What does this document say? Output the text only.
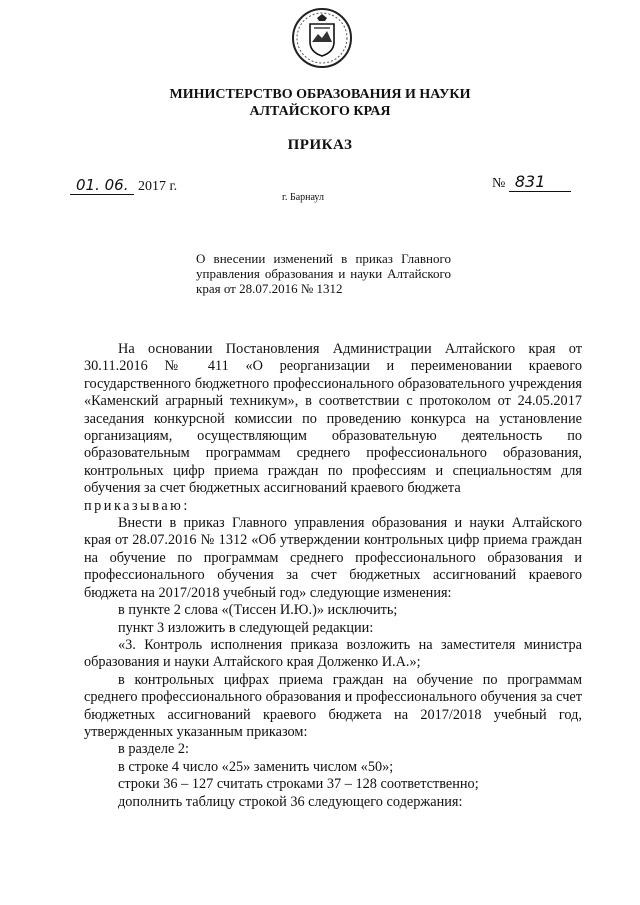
МИНИСТЕРСТВО ОБРАЗОВАНИЯ И НАУКИ
АЛТАЙСКОГО КРАЯ
ПРИКАЗ
01. 06. 2017 г.	№ 831
г. Барнаул
О внесении изменений в приказ Главного управления образования и науки Алтайского края от 28.07.2016 № 1312

На основании Постановления Администрации Алтайского края от 30.11.2016 № 411 «О реорганизации и переименовании краевого государственного бюджетного профессионального образовательного учреждения «Каменский аграрный техникум», в соответствии с протоколом от 24.05.2017 заседания конкурсной комиссии по проведению конкурса на установление организациям, осуществляющим образовательную деятельность по образовательным программам среднего профессионального образования, контрольных цифр приема граждан по профессиям и специальностям для обучения за счет бюджетных ассигнований краевого бюджета

приказываю:

Внести в приказ Главного управления образования и науки Алтайского края от 28.07.2016 № 1312 «Об утверждении контрольных цифр приема граждан на обучение по программам среднего профессионального образования и профессионального обучения за счет бюджетных ассигнований краевого бюджета на 2017/2018 учебный год» следующие изменения:

в пункте 2 слова «(Тиссен И.Ю.)» исключить;

пункт 3 изложить в следующей редакции:

«3. Контроль исполнения приказа возложить на заместителя министра образования и науки Алтайского края Долженко И.А.»;

в контрольных цифрах приема граждан на обучение по программам среднего профессионального образования и профессионального обучения за счет бюджетных ассигнований краевого бюджета на 2017/2018 учебный год, утвержденных указанным приказом:

в разделе 2:

в строке 4 число «25» заменить числом «50»;

строки 36 – 127 считать строками 37 – 128 соответственно;

дополнить таблицу строкой 36 следующего содержания:
